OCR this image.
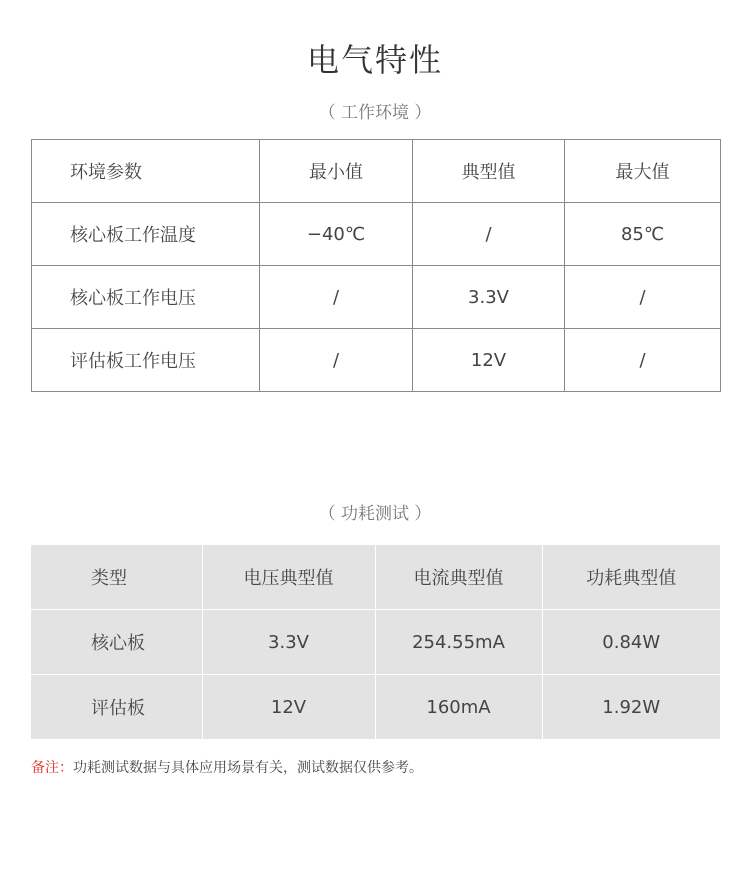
电气特性
（ 工作环境 ）
环境参数	最小值	典型值	最大值
核心板工作温度	−40℃	/	85℃
核心板工作电压	/	3.3V	/
评估板工作电压	/	12V	/
（ 功耗测试 ）
类型	电压典型值	电流典型值	功耗典型值
核心板	3.3V	254.55mA	0.84W
评估板	12V	160mA	1.92W
备注：功耗测试数据与具体应用场景有关，测试数据仅供参考。
